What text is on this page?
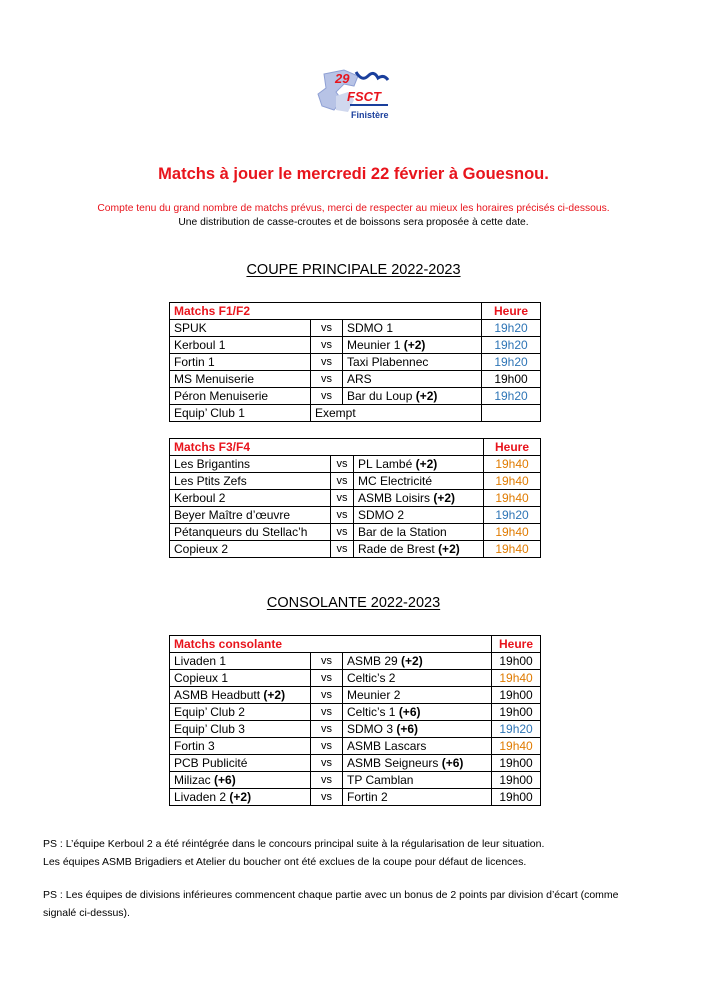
29
FSCT
Finistère
Matchs à jouer le mercredi 22 février à Gouesnou.
Compte tenu du grand nombre de matchs prévus, merci de respecter au mieux les horaires précisés ci-dessous.
Une distribution de casse-croutes et de boissons sera proposée à cette date.
COUPE PRINCIPALE 2022-2023
Matchs F1/F2			Heure
SPUK	vs	SDMO 1	19h20
Kerboul 1	vs	Meunier 1 (+2)	19h20
Fortin 1	vs	Taxi Plabennec	19h20
MS Menuiserie	vs	ARS	19h00
Péron Menuiserie	vs	Bar du Loup (+2)	19h20
Equip’ Club 1	Exempt		
Matchs F3/F4			Heure
Les Brigantins	vs	PL Lambé (+2)	19h40
Les Ptits Zefs	vs	MC Electricité	19h40
Kerboul 2	vs	ASMB Loisirs (+2)	19h40
Beyer Maître d’œuvre	vs	SDMO 2	19h20
Pétanqueurs du Stellac’h	vs	Bar de la Station	19h40
Copieux 2	vs	Rade de Brest (+2)	19h40
CONSOLANTE 2022-2023
Matchs consolante			Heure
Livaden 1	vs	ASMB 29 (+2)	19h00
Copieux 1	vs	Celtic’s 2	19h40
ASMB Headbutt (+2)	vs	Meunier 2	19h00
Equip’ Club 2	vs	Celtic’s 1 (+6)	19h00
Equip’ Club 3	vs	SDMO 3 (+6)	19h20
Fortin 3	vs	ASMB Lascars	19h40
PCB Publicité	vs	ASMB Seigneurs (+6)	19h00
Milizac (+6)	vs	TP Camblan	19h00
Livaden 2 (+2)	vs	Fortin 2	19h00
PS : L’équipe Kerboul 2 a été réintégrée dans le concours principal suite à la régularisation de leur situation.
Les équipes ASMB Brigadiers et Atelier du boucher ont été exclues de la coupe pour défaut de licences.
PS : Les équipes de divisions inférieures commencent chaque partie avec un bonus de 2 points par division d’écart (comme
signalé ci-dessus).
